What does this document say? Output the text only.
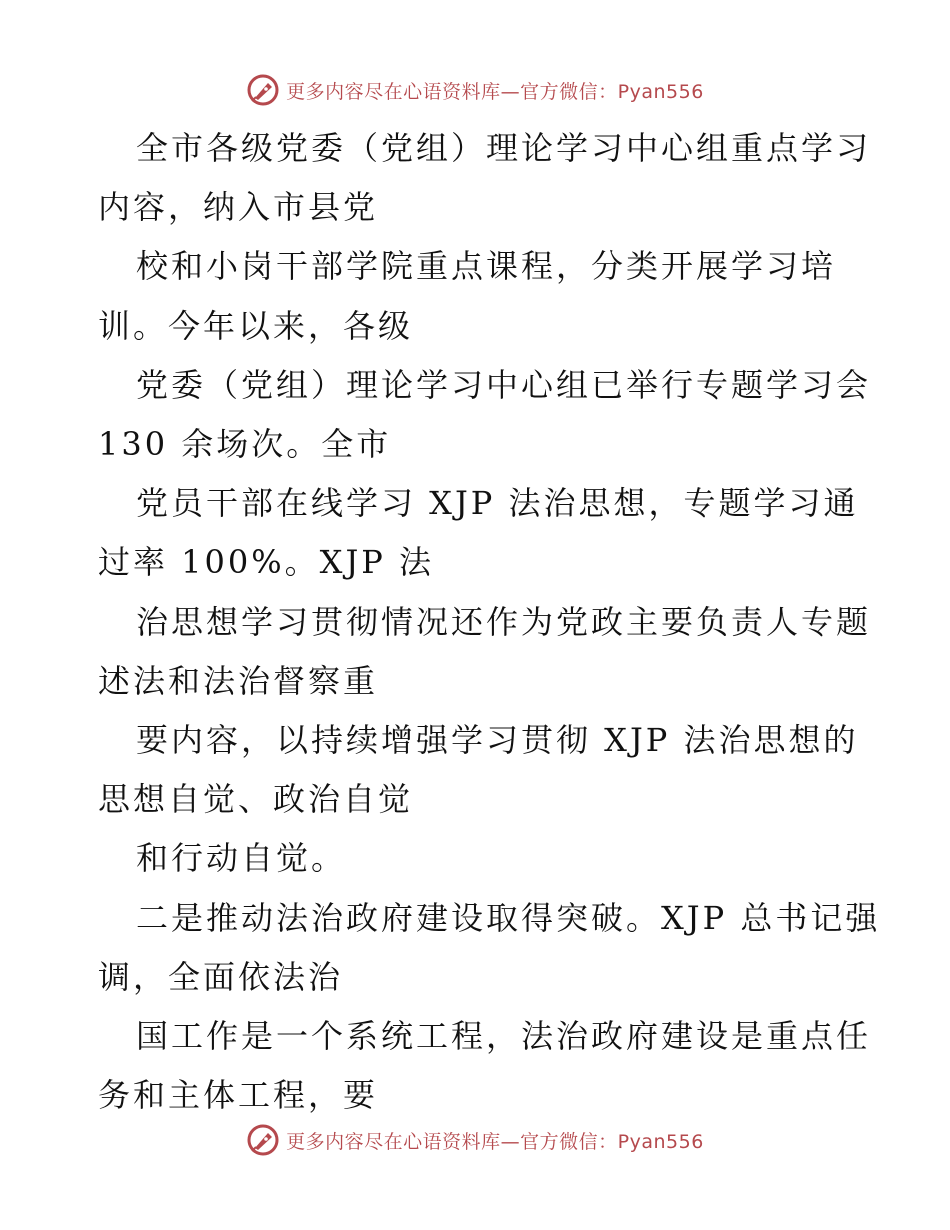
更多内容尽在心语资料库—官方微信：Pyan556
全市各级党委（党组）理论学习中心组重点学习
内容，纳入市县党
校和小岗干部学院重点课程，分类开展学习培
训。今年以来，各级
党委（党组）理论学习中心组已举行专题学习会
130 余场次。全市
党员干部在线学习 XJP 法治思想，专题学习通
过率 100%。XJP 法
治思想学习贯彻情况还作为党政主要负责人专题
述法和法治督察重
要内容，以持续增强学习贯彻 XJP 法治思想的
思想自觉、政治自觉
和行动自觉。
二是推动法治政府建设取得突破。XJP 总书记强
调，全面依法治
国工作是一个系统工程，法治政府建设是重点任
务和主体工程，要
更多内容尽在心语资料库—官方微信：Pyan556
